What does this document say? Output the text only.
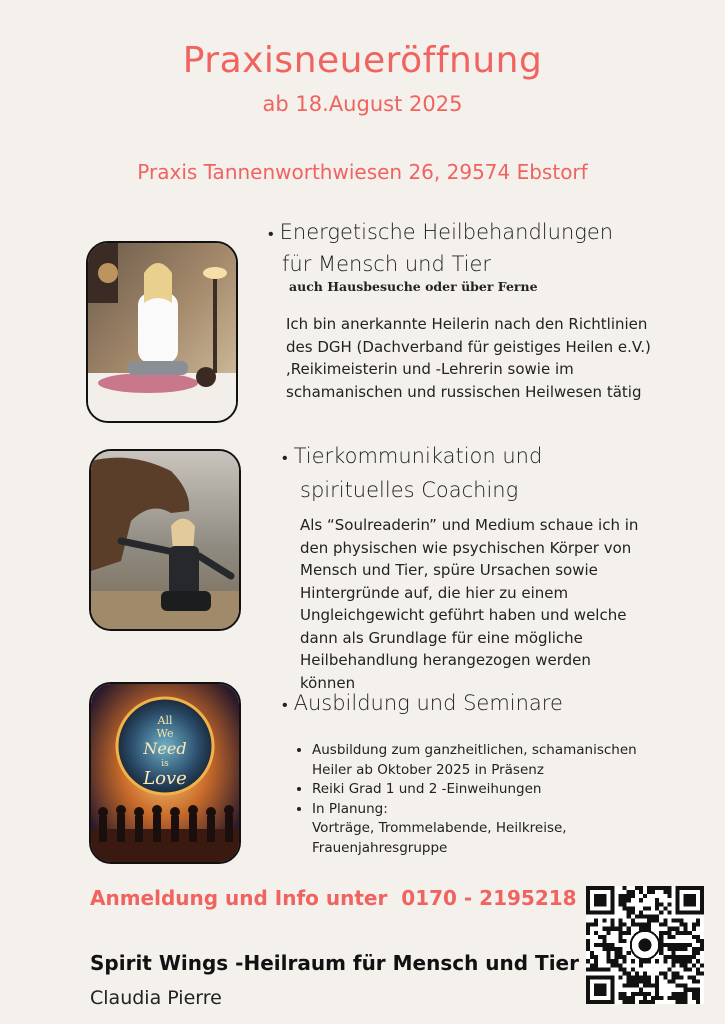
Praxisneueröffnung
ab 18.August 2025
Praxis Tannenworthwiesen 26, 29574 Ebstorf
• Energetische Heilbehandlungen
für Mensch und Tier
auch Hausbesuche oder über Ferne
Ich bin anerkannte Heilerin nach den Richtlinien des DGH (Dachverband für geistiges Heilen e.V.) ,Reikimeisterin und -Lehrerin sowie im schamanischen und russischen Heilwesen tätig
• Tierkommunikation und
spirituelles Coaching
Als “Soulreaderin” und Medium schaue ich in den physischen wie psychischen Körper von Mensch und Tier, spüre Ursachen sowie Hintergründe auf, die hier zu einem Ungleichgewicht geführt haben und welche dann als Grundlage für eine mögliche Heilbehandlung herangezogen werden können
All
We
Need
is
Love
• Ausbildung und Seminare
• Ausbildung zum ganzheitlichen, schamanischen Heiler ab Oktober 2025 in Präsenz
• Reiki Grad 1 und 2 -Einweihungen
• In Planung:
Vorträge, Trommelabende, Heilkreise, Frauenjahresgruppe
Anmeldung und Info unter  0170 - 2195218
Spirit Wings -Heilraum für Mensch und Tier
Claudia Pierre
